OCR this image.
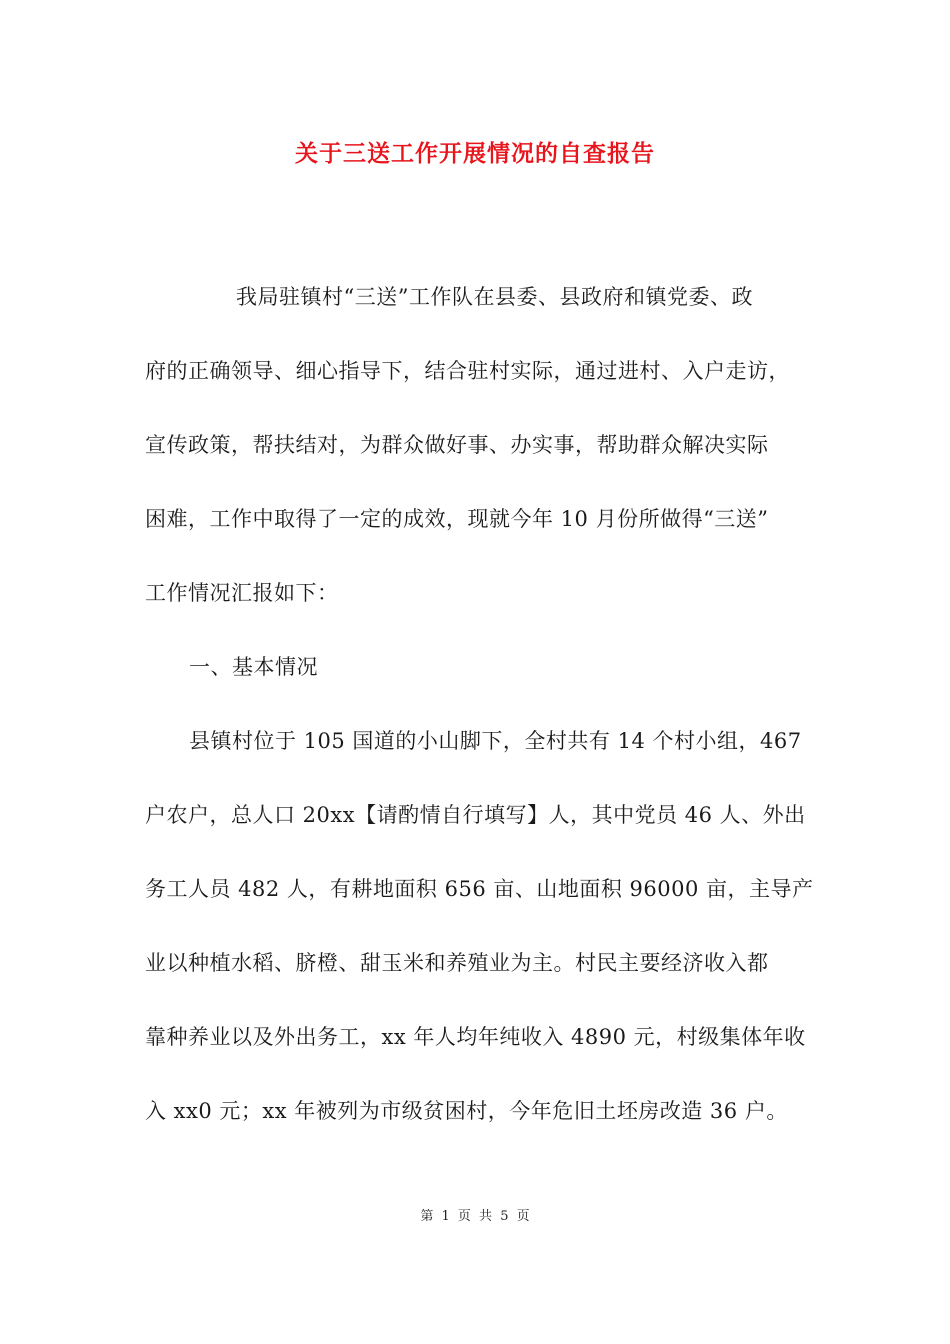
关于三送工作开展情况的自查报告
我局驻镇村“三送”工作队在县委、县政府和镇党委、政
府的正确领导、细心指导下，结合驻村实际，通过进村、入户走访，
宣传政策，帮扶结对，为群众做好事、办实事，帮助群众解决实际
困难，工作中取得了一定的成效，现就今年 10 月份所做得“三送”
工作情况汇报如下：
一、基本情况
县镇村位于 105 国道的小山脚下，全村共有 14 个村小组，467
户农户，总人口 20xx【请酌情自行填写】人，其中党员 46 人、外出
务工人员 482 人，有耕地面积 656 亩、山地面积 96000 亩，主导产
业以种植水稻、脐橙、甜玉米和养殖业为主。村民主要经济收入都
靠种养业以及外出务工，xx 年人均年纯收入 4890 元，村级集体年收
入 xx0 元；xx 年被列为市级贫困村，今年危旧土坯房改造 36 户。
第 1 页 共 5 页
